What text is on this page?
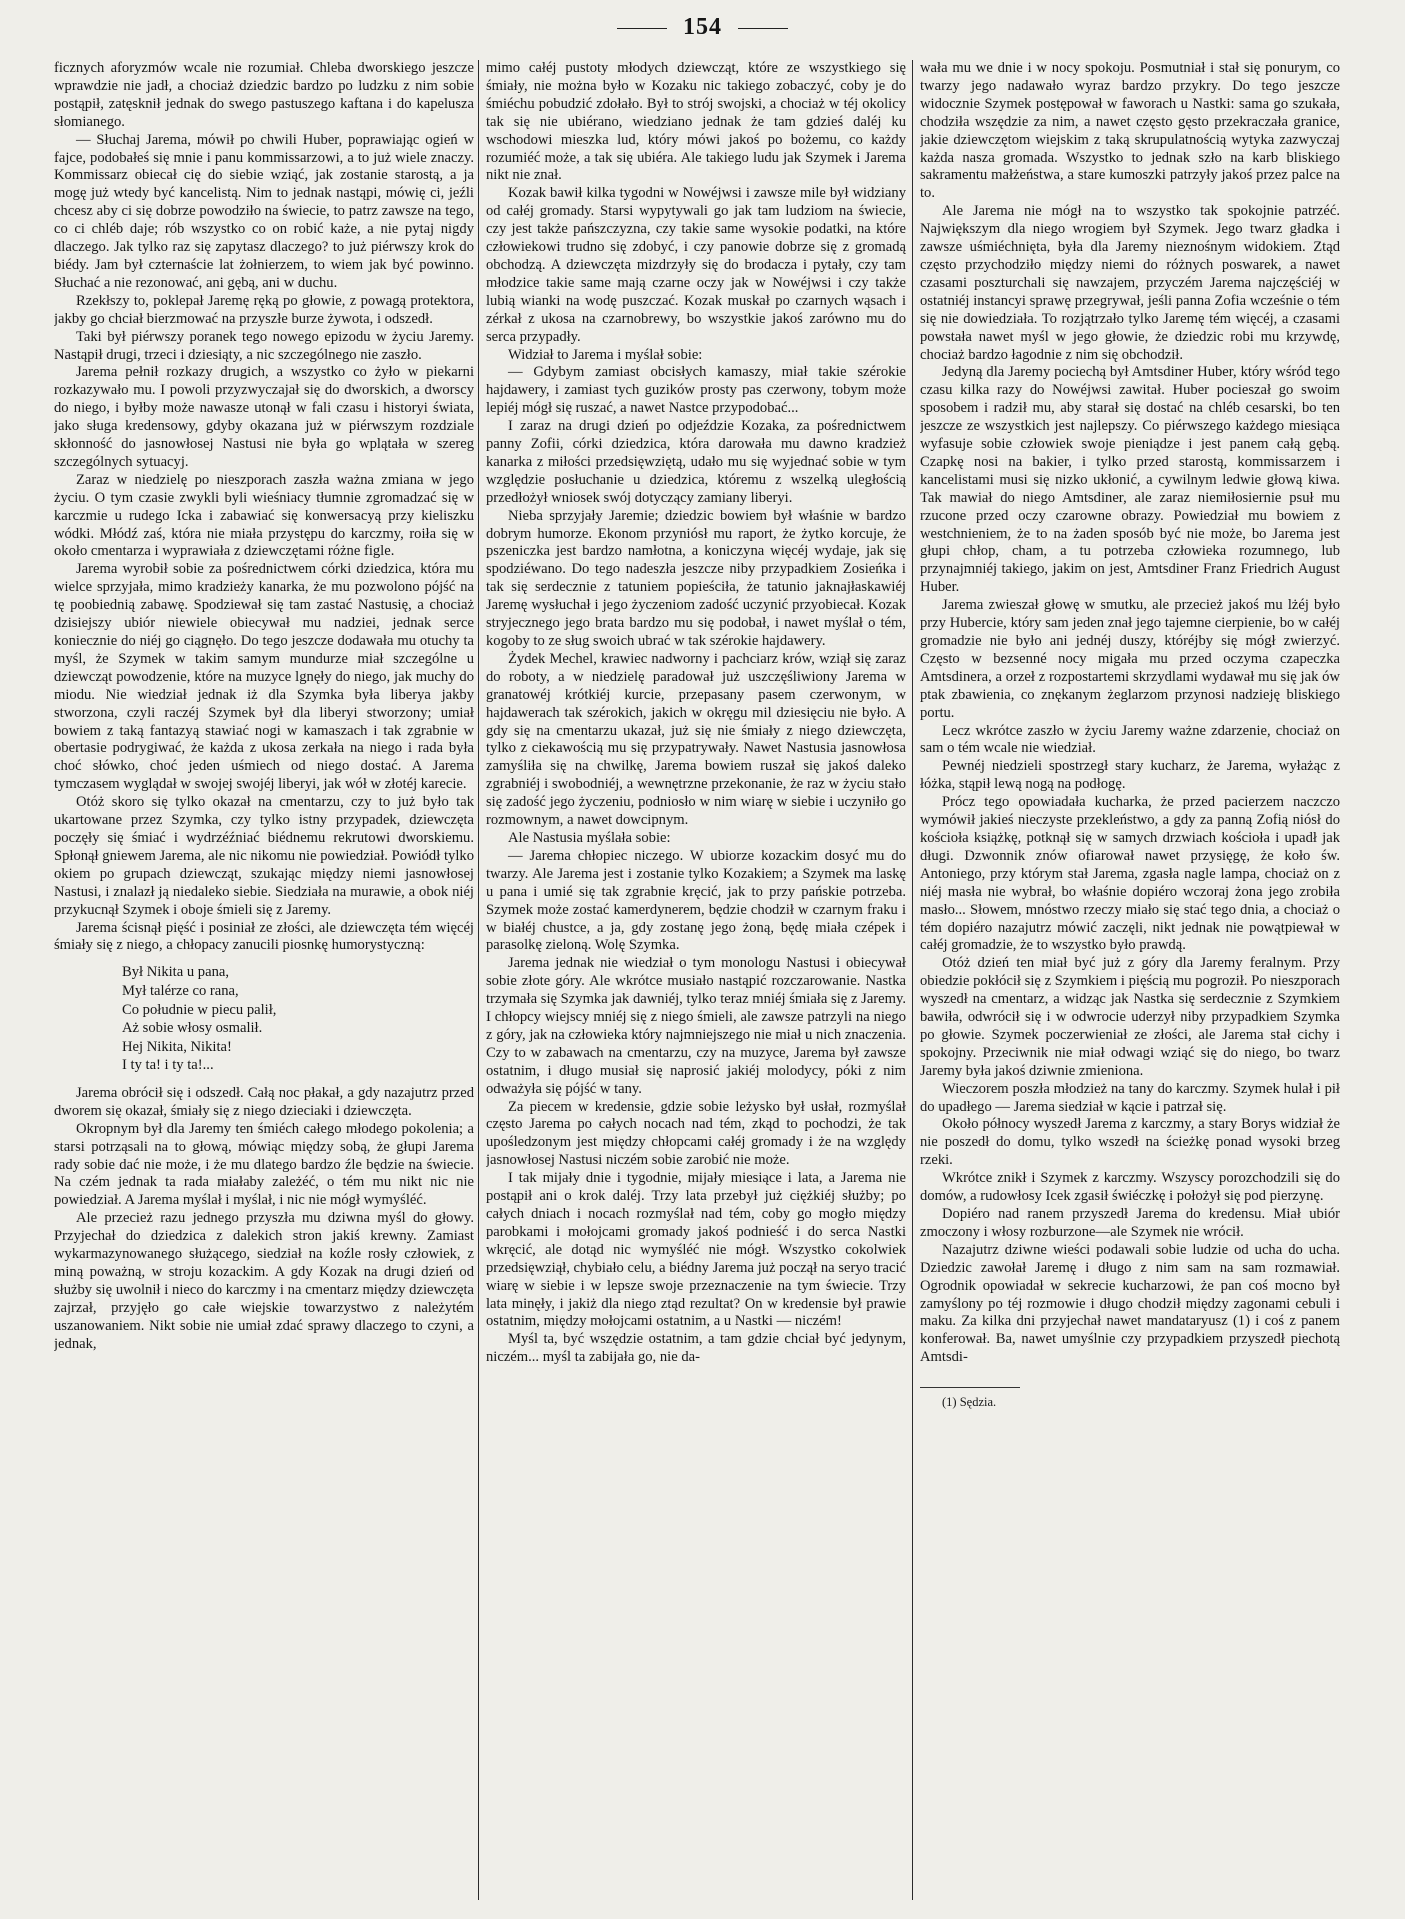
154

ficznych aforyzmów wcale nie rozumiał. Chleba dworskiego jeszcze wprawdzie nie jadł, a chociaż dziedzic bardzo po ludzku z nim sobie postąpił, zatęsknił jednak do swego pastuszego kaftana i do kapelusza słomianego.

— Słuchaj Jarema, mówił po chwili Huber, poprawiając ogień w fajce, podobałeś się mnie i panu kommissarzowi, a to już wiele znaczy. Kommissarz obiecał cię do siebie wziąć, jak zostanie starostą, a ja mogę już wtedy być kancelistą. Nim to jednak nastąpi, mówię ci, jeźli chcesz aby ci się dobrze powodziło na świecie, to patrz zawsze na tego, co ci chléb daje; rób wszystko co on robić każe, a nie pytaj nigdy dlaczego. Jak tylko raz się zapytasz dlaczego? to już piérwszy krok do biédy. Jam był czternaście lat żołnierzem, to wiem jak być powinno. Słuchać a nie rezonować, ani gębą, ani w duchu.

Rzekłszy to, poklepał Jaremę ręką po głowie, z powagą protektora, jakby go chciał bierzmować na przyszłe burze żywota, i odszedł.

Taki był piérwszy poranek tego nowego epizodu w życiu Jaremy. Nastąpił drugi, trzeci i dziesiąty, a nic szczególnego nie zaszło.

Jarema pełnił rozkazy drugich, a wszystko co żyło w piekarni rozkazywało mu. I powoli przyzwyczajał się do dworskich, a dworscy do niego, i byłby może nawasze utonął w fali czasu i historyi świata, jako sługa kredensowy, gdyby okazana już w piérwszym rozdziale skłonność do jasnowłosej Nastusi nie była go wplątała w szereg szczególnych sytuacyj.

Zaraz w niedzielę po nieszporach zaszła ważna zmiana w jego życiu. O tym czasie zwykli byli wieśniacy tłumnie zgromadzać się w karczmie u rudego Icka i zabawiać się konwersacyą przy kieliszku wódki. Młódź zaś, która nie miała przystępu do karczmy, roiła się w około cmentarza i wyprawiała z dziewczętami różne figle.

Jarema wyrobił sobie za pośrednictwem córki dziedzica, która mu wielce sprzyjała, mimo kradzieży kanarka, że mu pozwolono pójść na tę poobiednią zabawę. Spodziewał się tam zastać Nastusię, a chociaż dzisiejszy ubiór niewiele obiecywał mu nadziei, jednak serce koniecznie do niéj go ciągnęło. Do tego jeszcze dodawała mu otuchy ta myśl, że Szymek w takim samym mundurze miał szczególne u dziewcząt powodzenie, które na muzyce lgnęły do niego, jak muchy do miodu. Nie wiedział jednak iż dla Szymka była liberya jakby stworzona, czyli raczéj Szymek był dla liberyi stworzony; umiał bowiem z taką fantazyą stawiać nogi w kamaszach i tak zgrabnie w obertasie podrygiwać, że każda z ukosa zerkała na niego i rada była choć słówko, choć jeden uśmiech od niego dostać. A Jarema tymczasem wyglądał w swojej swojéj liberyi, jak wół w złotéj karecie.

Otóż skoro się tylko okazał na cmentarzu, czy to już było tak ukartowane przez Szymka, czy tylko istny przypadek, dziewczęta poczęły się śmiać i wydrzéźniać biédnemu rekrutowi dworskiemu. Spłonął gniewem Jarema, ale nic nikomu nie powiedział. Powiódł tylko okiem po grupach dziewcząt, szukając między niemi jasnowłosej Nastusi, i znalazł ją niedaleko siebie. Siedziała na murawie, a obok niéj przykucnął Szymek i oboje śmieli się z Jaremy.

Jarema ścisnął pięść i posiniał ze złości, ale dziewczęta tém więcéj śmiały się z niego, a chłopacy zanucili piosnkę humorystyczną:

Był Nikita u pana,
Mył talérze co rana,
Co południe w piecu palił,
Aż sobie włosy osmalił.
Hej Nikita, Nikita!
I ty ta! i ty ta!...

Jarema obrócił się i odszedł. Całą noc płakał, a gdy nazajutrz przed dworem się okazał, śmiały się z niego dzieciaki i dziewczęta.

Okropnym był dla Jaremy ten śmiéch całego młodego pokolenia; a starsi potrząsali na to głową, mówiąc między sobą, że głupi Jarema rady sobie dać nie może, i że mu dlatego bardzo źle będzie na świecie. Na czém jednak ta rada miałaby zależéć, o tém mu nikt nic nie powiedział. A Jarema myślał i myślał, i nic nie mógł wymyśléć.

Ale przecież razu jednego przyszła mu dziwna myśl do głowy. Przyjechał do dziedzica z dalekich stron jakiś krewny. Zamiast wykarmazynowanego służącego, siedział na koźle rosły człowiek, z miną poważną, w stroju kozackim. A gdy Kozak na drugi dzień od służby się uwolnił i nieco do karczmy i na cmentarz między dziewczęta zajrzał, przyjęło go całe wiejskie towarzystwo z należytém uszanowaniem. Nikt sobie nie umiał zdać sprawy dlaczego to czyni, a jednak,

mimo całéj pustoty młodych dziewcząt, które ze wszystkiego się śmiały, nie można było w Kozaku nic takiego zobaczyć, coby je do śmiéchu pobudzić zdołało. Był to strój swojski, a chociaż w téj okolicy tak się nie ubiérano, wiedziano jednak że tam gdzieś daléj ku wschodowi mieszka lud, który mówi jakoś po bożemu, co każdy rozumiéć może, a tak się ubiéra. Ale takiego ludu jak Szymek i Jarema nikt nie znał.

Kozak bawił kilka tygodni w Nowéjwsi i zawsze mile był widziany od całéj gromady. Starsi wypytywali go jak tam ludziom na świecie, czy jest także pańszczyzna, czy takie same wysokie podatki, na które człowiekowi trudno się zdobyć, i czy panowie dobrze się z gromadą obchodzą. A dziewczęta mizdrzyły się do brodacza i pytały, czy tam młodzice takie same mają czarne oczy jak w Nowéjwsi i czy także lubią wianki na wodę puszczać. Kozak muskał po czarnych wąsach i zérkał z ukosa na czarnobrewy, bo wszystkie jakoś zarówno mu do serca przypadły.

Widział to Jarema i myślał sobie:

— Gdybym zamiast obcisłych kamaszy, miał takie szérokie hajdawery, i zamiast tych guzików prosty pas czerwony, tobym może lepiéj mógł się ruszać, a nawet Nastce przypodobać...

I zaraz na drugi dzień po odjeździe Kozaka, za pośrednictwem panny Zofii, córki dziedzica, która darowała mu dawno kradzież kanarka z miłości przedsięwziętą, udało mu się wyjednać sobie w tym względzie posłuchanie u dziedzica, któremu z wszelką uległością przedłożył wniosek swój dotyczący zamiany liberyi.

Nieba sprzyjały Jaremie; dziedzic bowiem był właśnie w bardzo dobrym humorze. Ekonom przyniósł mu raport, że żytko korcuje, że pszeniczka jest bardzo namłotna, a koniczyna więcéj wydaje, jak się spodziéwano. Do tego nadeszła jeszcze niby przypadkiem Zosieńka i tak się serdecznie z tatuniem popieściła, że tatunio jaknajłaskawiéj Jaremę wysłuchał i jego życzeniom zadość uczynić przyobiecał. Kozak stryjecznego jego brata bardzo mu się podobał, i nawet myślał o tém, kogoby to ze sług swoich ubrać w tak szérokie hajdawery.

Żydek Mechel, krawiec nadworny i pachciarz krów, wziął się zaraz do roboty, a w niedzielę paradował już uszczęśliwiony Jarema w granatowéj krótkiéj kurcie, przepasany pasem czerwonym, w hajdawerach tak szérokich, jakich w okręgu mil dziesięciu nie było. A gdy się na cmentarzu ukazał, już się nie śmiały z niego dziewczęta, tylko z ciekawością mu się przypatrywały. Nawet Nastusia jasnowłosa zamyśliła się na chwilkę, Jarema bowiem ruszał się jakoś daleko zgrabniéj i swobodniéj, a wewnętrzne przekonanie, że raz w życiu stało się zadość jego życzeniu, podniosło w nim wiarę w siebie i uczyniło go rozmownym, a nawet dowcipnym.

Ale Nastusia myślała sobie:

— Jarema chłopiec niczego. W ubiorze kozackim dosyć mu do twarzy. Ale Jarema jest i zostanie tylko Kozakiem; a Szymek ma laskę u pana i umié się tak zgrabnie kręcić, jak to przy pańskie potrzeba. Szymek może zostać kamerdynerem, będzie chodził w czarnym fraku i w białéj chustce, a ja, gdy zostanę jego żoną, będę miała czépek i parasolkę zieloną. Wolę Szymka.

Jarema jednak nie wiedział o tym monologu Nastusi i obiecywał sobie złote góry. Ale wkrótce musiało nastąpić rozczarowanie. Nastka trzymała się Szymka jak dawniéj, tylko teraz mniéj śmiała się z Jaremy. I chłopcy wiejscy mniéj się z niego śmieli, ale zawsze patrzyli na niego z góry, jak na człowieka który najmniejszego nie miał u nich znaczenia. Czy to w zabawach na cmentarzu, czy na muzyce, Jarema był zawsze ostatnim, i długo musiał się naprosić jakiéj molodycy, póki z nim odważyła się pójść w tany.

Za piecem w kredensie, gdzie sobie leżysko był usłał, rozmyślał często Jarema po całych nocach nad tém, zkąd to pochodzi, że tak upośledzonym jest między chłopcami całéj gromady i że na względy jasnowłosej Nastusi niczém sobie zarobić nie może.

I tak mijały dnie i tygodnie, mijały miesiące i lata, a Jarema nie postąpił ani o krok daléj. Trzy lata przebył już ciężkiéj służby; po całych dniach i nocach rozmyślał nad tém, coby go mogło między parobkami i mołojcami gromady jakoś podnieść i do serca Nastki wkręcić, ale dotąd nic wymyśléć nie mógł. Wszystko cokolwiek przedsięwziął, chybiało celu, a biédny Jarema już począł na seryo tracić wiarę w siebie i w lepsze swoje przeznaczenie na tym świecie. Trzy lata minęły, i jakiż dla niego ztąd rezultat? On w kredensie był prawie ostatnim, między mołojcami ostatnim, a u Nastki — niczém!

Myśl ta, być wszędzie ostatnim, a tam gdzie chciał być jedynym, niczém... myśl ta zabijała go, nie da-

wała mu we dnie i w nocy spokoju. Posmutniał i stał się ponurym, co twarzy jego nadawało wyraz bardzo przykry. Do tego jeszcze widocznie Szymek postępował w faworach u Nastki: sama go szukała, chodziła wszędzie za nim, a nawet często gęsto przekraczała granice, jakie dziewczętom wiejskim z taką skrupulatnością wytyka zazwyczaj każda nasza gromada. Wszystko to jednak szło na karb bliskiego sakramentu małżeństwa, a stare kumoszki patrzyły jakoś przez palce na to.

Ale Jarema nie mógł na to wszystko tak spokojnie patrzéć. Największym dla niego wrogiem był Szymek. Jego twarz gładka i zawsze uśmiéchnięta, była dla Jaremy nieznośnym widokiem. Ztąd często przychodziło między niemi do różnych poswarek, a nawet czasami poszturchali się nawzajem, przyczém Jarema najczęściéj w ostatniéj instancyi sprawę przegrywał, jeśli panna Zofia wcześnie o tém się nie dowiedziała. To rozjątrzało tylko Jaremę tém więcéj, a czasami powstała nawet myśl w jego głowie, że dziedzic robi mu krzywdę, chociaż bardzo łagodnie z nim się obchodził.

Jedyną dla Jaremy pociechą był Amtsdiner Huber, który wśród tego czasu kilka razy do Nowéjwsi zawitał. Huber pocieszał go swoim sposobem i radził mu, aby starał się dostać na chléb cesarski, bo ten jeszcze ze wszystkich jest najlepszy. Co piérwszego każdego miesiąca wyfasuje sobie człowiek swoje pieniądze i jest panem całą gębą. Czapkę nosi na bakier, i tylko przed starostą, kommissarzem i kancelistami musi się nizko ukłonić, a cywilnym ledwie głową kiwa. Tak mawiał do niego Amtsdiner, ale zaraz niemiłosiernie psuł mu rzucone przed oczy czarowne obrazy. Powiedział mu bowiem z westchnieniem, że to na żaden sposób być nie może, bo Jarema jest głupi chłop, cham, a tu potrzeba człowieka rozumnego, lub przynajmniéj takiego, jakim on jest, Amtsdiner Franz Friedrich August Huber.

Jarema zwieszał głowę w smutku, ale przecież jakoś mu lżéj było przy Hubercie, który sam jeden znał jego tajemne cierpienie, bo w całéj gromadzie nie było ani jednéj duszy, któréjby się mógł zwierzyć. Często w bezsenné nocy migała mu przed oczyma czapeczka Amtsdinera, a orzeł z rozpostartemi skrzydlami wydawał mu się jak ów ptak zbawienia, co znękanym żeglarzom przynosi nadzieję bliskiego portu.

Lecz wkrótce zaszło w życiu Jaremy ważne zdarzenie, chociaż on sam o tém wcale nie wiedział.

Pewnéj niedzieli spostrzegł stary kucharz, że Jarema, wyłażąc z łóżka, stąpił lewą nogą na podłogę.

Prócz tego opowiadała kucharka, że przed pacierzem naczczo wymówił jakieś nieczyste przekleństwo, a gdy za panną Zofią niósł do kościoła książkę, potknął się w samych drzwiach kościoła i upadł jak długi. Dzwonnik znów ofiarował nawet przysięgę, że koło św. Antoniego, przy którym stał Jarema, zgasła nagle lampa, chociaż on z niéj masła nie wybrał, bo właśnie dopiéro wczoraj żona jego zrobiła masło... Słowem, mnóstwo rzeczy miało się stać tego dnia, a chociaż o tém dopiéro nazajutrz mówić zaczęli, nikt jednak nie powątpiewał w całéj gromadzie, że to wszystko było prawdą.

Otóż dzień ten miał być już z góry dla Jaremy feralnym. Przy obiedzie pokłócił się z Szymkiem i pięścią mu pogroził. Po nieszporach wyszedł na cmentarz, a widząc jak Nastka się serdecznie z Szymkiem bawiła, odwrócił się i w odwrocie uderzył niby przypadkiem Szymka po głowie. Szymek poczerwieniał ze złości, ale Jarema stał cichy i spokojny. Przeciwnik nie miał odwagi wziąć się do niego, bo twarz Jaremy była jakoś dziwnie zmieniona.

Wieczorem poszła młodzież na tany do karczmy. Szymek hulał i pił do upadłego — Jarema siedział w kącie i patrzał się.

Około północy wyszedł Jarema z karczmy, a stary Borys widział że nie poszedł do domu, tylko wszedł na ścieżkę ponad wysoki brzeg rzeki.

Wkrótce znikł i Szymek z karczmy. Wszyscy porozchodzili się do domów, a rudowłosy Icek zgasił świéczkę i położył się pod pierzynę.

Dopiéro nad ranem przyszedł Jarema do kredensu. Miał ubiór zmoczony i włosy rozburzone—ale Szymek nie wrócił.

Nazajutrz dziwne wieści podawali sobie ludzie od ucha do ucha. Dziedzic zawołał Jaremę i długo z nim sam na sam rozmawiał. Ogrodnik opowiadał w sekrecie kucharzowi, że pan coś mocno był zamyślony po téj rozmowie i długo chodził między zagonami cebuli i maku. Za kilka dni przyjechał nawet mandataryusz (1) i coś z panem konferował. Ba, nawet umyślnie czy przypadkiem przyszedł piechotą Amtsdi-

(1) Sędzia.
